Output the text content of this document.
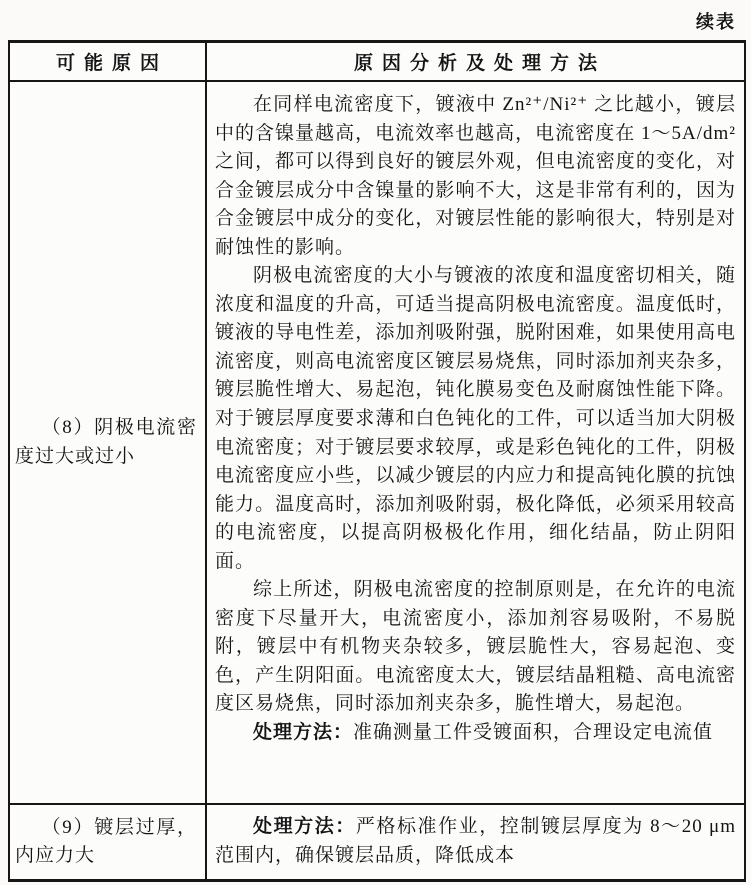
续表
可能原因	原因分析及处理方法

（8）阴极电流密度过大或过小

在同样电流密度下，镀液中 Zn²⁺/Ni²⁺ 之比越小，镀层中的含镍量越高，电流效率也越高，电流密度在 1～5A/dm²之间，都可以得到良好的镀层外观，但电流密度的变化，对合金镀层成分中含镍量的影响不大，这是非常有利的，因为合金镀层中成分的变化，对镀层性能的影响很大，特别是对耐蚀性的影响。

阴极电流密度的大小与镀液的浓度和温度密切相关，随浓度和温度的升高，可适当提高阴极电流密度。温度低时，镀液的导电性差，添加剂吸附强，脱附困难，如果使用高电流密度，则高电流密度区镀层易烧焦，同时添加剂夹杂多，镀层脆性增大、易起泡，钝化膜易变色及耐腐蚀性能下降。对于镀层厚度要求薄和白色钝化的工件，可以适当加大阴极电流密度；对于镀层要求较厚，或是彩色钝化的工件，阴极电流密度应小些，以减少镀层的内应力和提高钝化膜的抗蚀能力。温度高时，添加剂吸附弱，极化降低，必须采用较高的电流密度，以提高阴极极化作用，细化结晶，防止阴阳面。

综上所述，阴极电流密度的控制原则是，在允许的电流密度下尽量开大，电流密度小，添加剂容易吸附，不易脱附，镀层中有机物夹杂较多，镀层脆性大，容易起泡、变色，产生阴阳面。电流密度太大，镀层结晶粗糙、高电流密度区易烧焦，同时添加剂夹杂多，脆性增大，易起泡。

处理方法：准确测量工件受镀面积，合理设定电流值

（9）镀层过厚，内应力大

处理方法：严格标准作业，控制镀层厚度为 8～20 μm 范围内，确保镀层品质，降低成本
